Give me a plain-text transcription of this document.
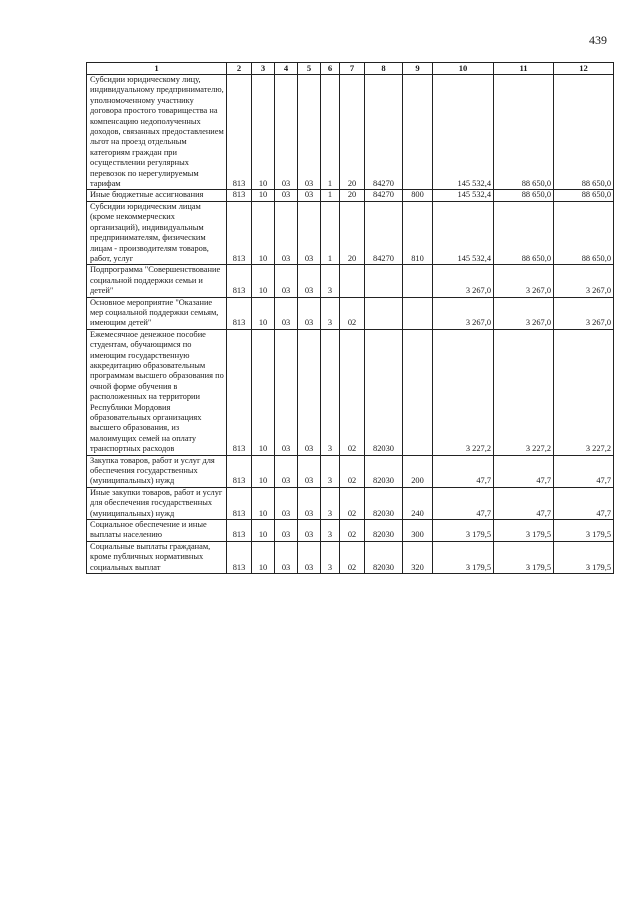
439
1	2	3	4	5	6	7	8	9	10	11	12
Субсидии юридическому лицу, индивидуальному предпринимателю, уполномоченному участнику договора простого товарищества на компенсацию недополученных доходов, связанных предоставлением льгот на проезд отдельным категориям граждан при осуществлении регулярных перевозок по нерегулируемым тарифам	813	10	03	03	1	20	84270		145 532,4	88 650,0	88 650,0
Иные бюджетные ассигнования	813	10	03	03	1	20	84270	800	145 532,4	88 650,0	88 650,0
Субсидии юридическим лицам (кроме некоммерческих организаций), индивидуальным предпринимателям, физическим лицам - производителям товаров, работ, услуг	813	10	03	03	1	20	84270	810	145 532,4	88 650,0	88 650,0
Подпрограмма "Совершенствование социальной поддержки семьи и детей"	813	10	03	03	3				3 267,0	3 267,0	3 267,0
Основное мероприятие "Оказание мер социальной поддержки семьям, имеющим детей"	813	10	03	03	3	02			3 267,0	3 267,0	3 267,0
Ежемесячное денежное пособие студентам, обучающимся по имеющим государственную аккредитацию образовательным программам высшего образования по очной форме обучения в расположенных на территории Республики Мордовия образовательных организациях высшего образования, из малоимущих семей на оплату транспортных расходов	813	10	03	03	3	02	82030		3 227,2	3 227,2	3 227,2
Закупка товаров, работ и услуг для обеспечения государственных (муниципальных) нужд	813	10	03	03	3	02	82030	200	47,7	47,7	47,7
Иные закупки товаров, работ и услуг для обеспечения государственных (муниципальных) нужд	813	10	03	03	3	02	82030	240	47,7	47,7	47,7
Социальное обеспечение и иные выплаты населению	813	10	03	03	3	02	82030	300	3 179,5	3 179,5	3 179,5
Социальные выплаты гражданам, кроме публичных нормативных социальных выплат	813	10	03	03	3	02	82030	320	3 179,5	3 179,5	3 179,5
